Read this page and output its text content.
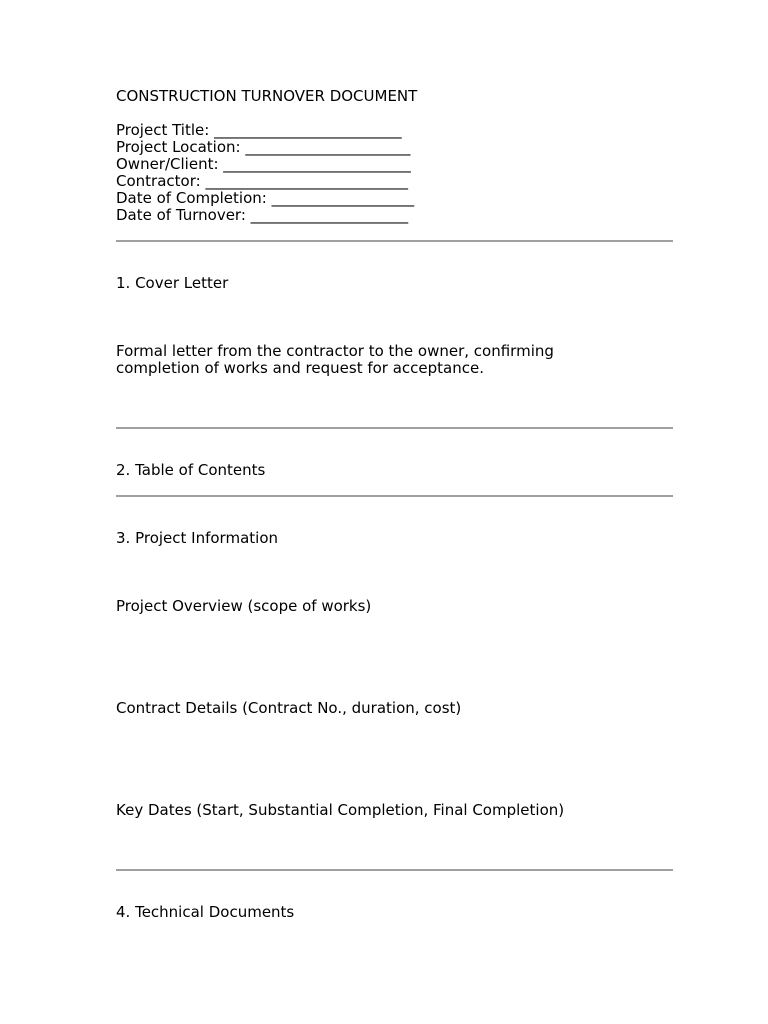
CONSTRUCTION TURNOVER DOCUMENT

Project Title: _________________________

Project Location: ______________________

Owner/Client: _________________________

Contractor: ___________________________

Date of Completion: ___________________

Date of Turnover: _____________________

1. Cover Letter

Formal letter from the contractor to the owner, confirming completion of works and request for acceptance.

2. Table of Contents

3. Project Information

Project Overview (scope of works)

Contract Details (Contract No., duration, cost)

Key Dates (Start, Substantial Completion, Final Completion)

4. Technical Documents
